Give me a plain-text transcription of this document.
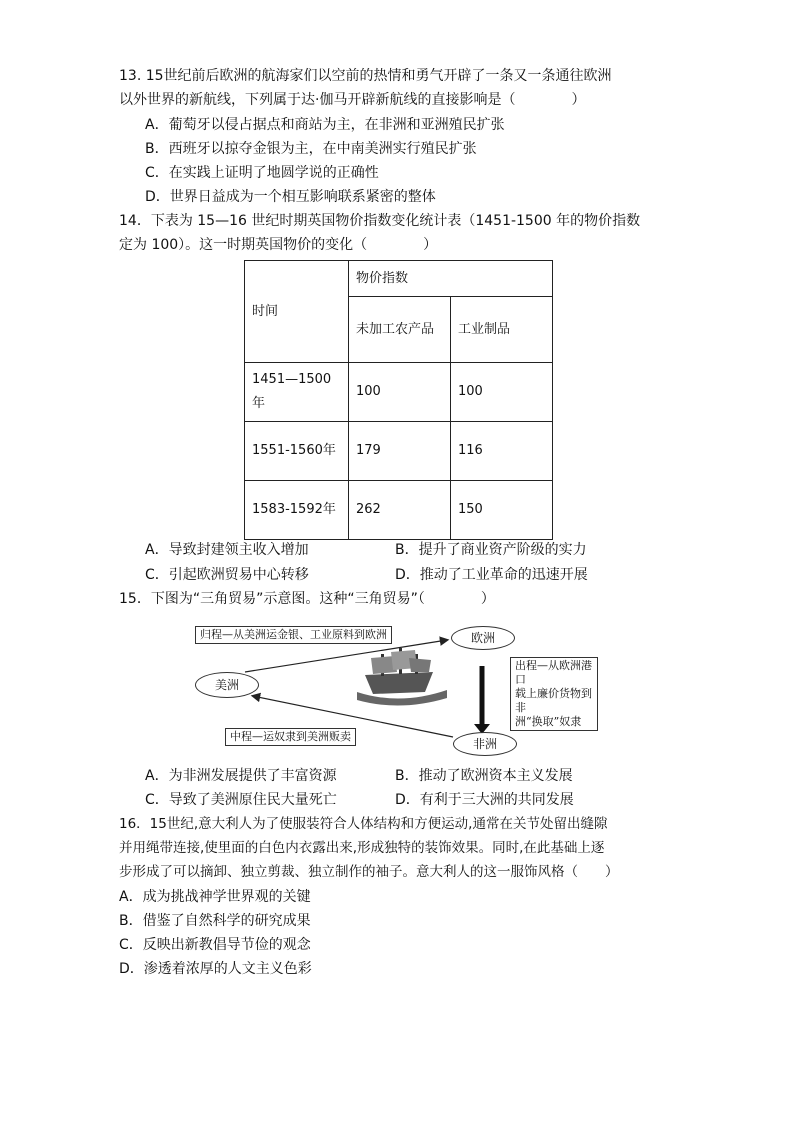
13. 15世纪前后欧洲的航海家们以空前的热情和勇气开辟了一条又一条通往欧洲
以外世界的新航线，下列属于达·伽马开辟新航线的直接影响是（　　　　）
A．葡萄牙以侵占据点和商站为主，在非洲和亚洲殖民扩张
B．西班牙以掠夺金银为主，在中南美洲实行殖民扩张
C．在实践上证明了地圆学说的正确性
D．世界日益成为一个相互影响联系紧密的整体
14．下表为 15—16 世纪时期英国物价指数变化统计表（1451-1500 年的物价指数
定为 100）。这一时期英国物价的变化（　　　　）
时间	物价指数	
	未加工农产品	工业制品
1451—1500年	100	100
1551-1560年	179	116
1583-1592年	262	150
A．导致封建领主收入增加	B．提升了商业资产阶级的实力
C．引起欧洲贸易中心转移	D．推动了工业革命的迅速开展
15．下图为“三角贸易”示意图。这种“三角贸易”（　　　　）
归程—从美洲运金银、工业原料到欧洲
出程—从欧洲港口
载上廉价货物到非
洲“换取”奴隶
中程—运奴隶到美洲贩卖
欧洲
美洲
非洲
A．为非洲发展提供了丰富资源	B．推动了欧洲资本主义发展
C．导致了美洲原住民大量死亡	D．有利于三大洲的共同发展
16．15世纪,意大利人为了使服装符合人体结构和方便运动,通常在关节处留出缝隙
并用绳带连接,使里面的白色内衣露出来,形成独特的装饰效果。同时,在此基础上逐
步形成了可以摘卸、独立剪裁、独立制作的袖子。意大利人的这一服饰风格（　　）
A．成为挑战神学世界观的关键
B．借鉴了自然科学的研究成果
C．反映出新教倡导节俭的观念
D．渗透着浓厚的人文主义色彩
